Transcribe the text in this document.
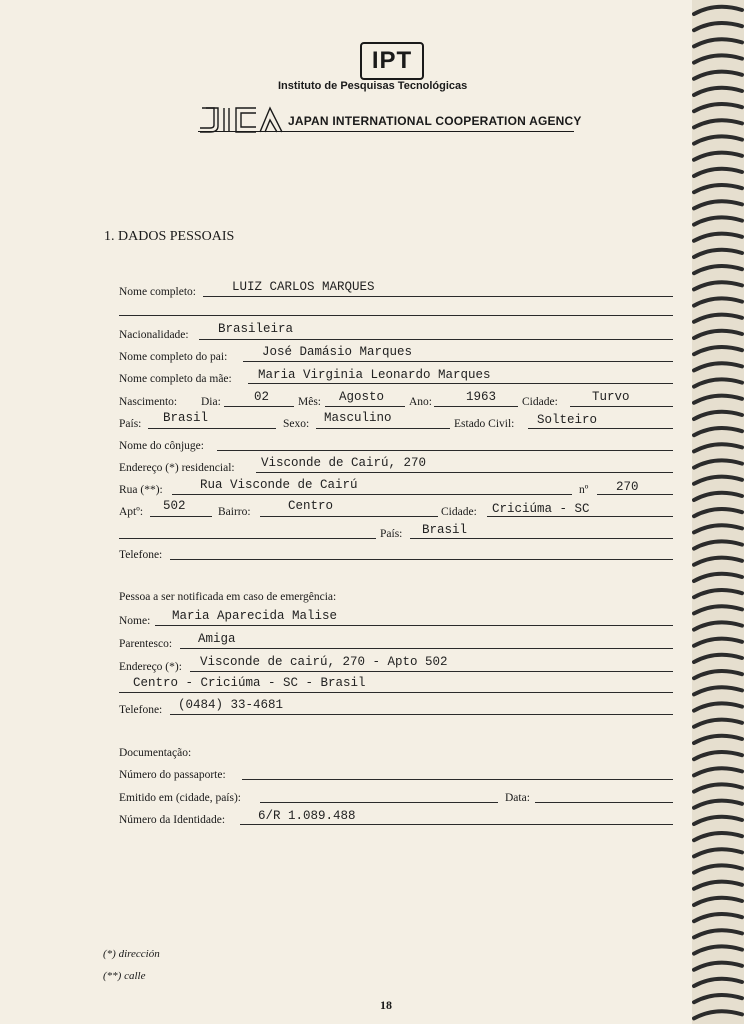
IPT
Instituto de Pesquisas Tecnológicas
JAPAN INTERNATIONAL COOPERATION AGENCY
1. DADOS PESSOAIS
Nome completo:	LUIZ CARLOS MARQUES
Nacionalidade: Brasileira
Nome completo do pai:	José Damásio Marques
Nome completo da mãe: Maria Virginia Leonardo Marques
Nascimento: Dia:	02	Mês: Agosto Ano:	1963 Cidade:	Turvo
País: Brasil	Sexo: Masculino	Estado Civil: Solteiro
Nome do cônjuge:
Endereço (*) residencial: Visconde de Cairú, 270
Rua (**):	Rua Visconde de Cairú	nº 270
Aptº: 502	Bairro:	Centro	Cidade: Criciúma - SC
País: Brasil
Telefone:
Pessoa a ser notificada em caso de emergência:
Nome: Maria Aparecida Malise
Parentesco: Amiga
Endereço (*): Visconde de cairú, 270 - Apto 502
Centro - Criciúma - SC - Brasil
Telefone: (0484) 33-4681
Documentação:
Número do passaporte:
Emitido em (cidade, país):	Data:
Número da Identidade:	6/R 1.089.488
(*) dirección
(**) calle
18
